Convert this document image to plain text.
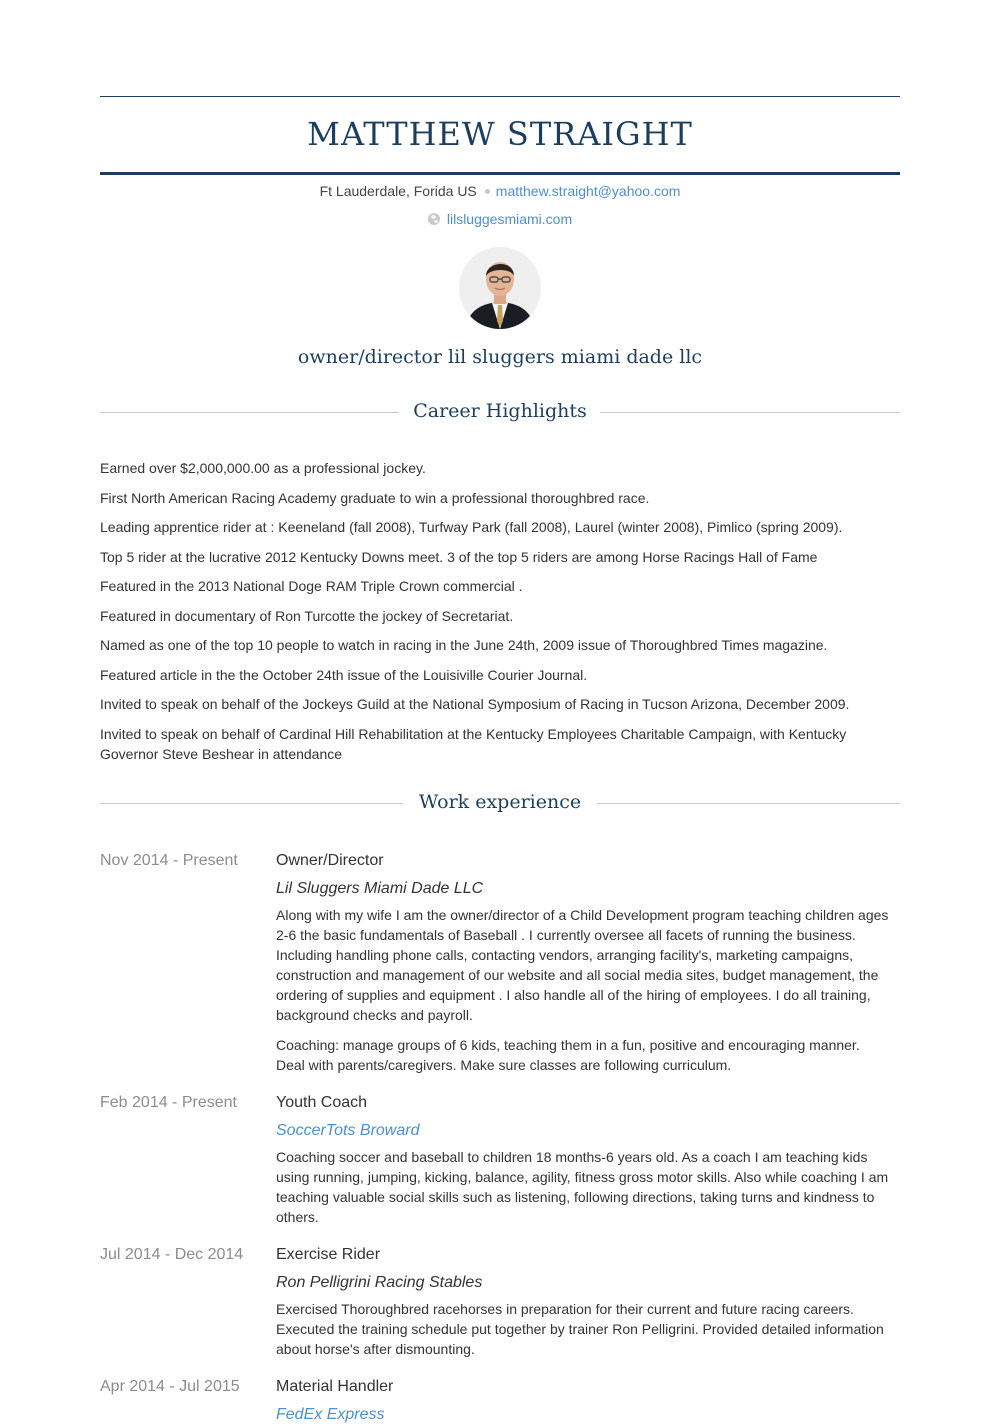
MATTHEW STRAIGHT
Ft Lauderdale, Forida US matthew.straight@yahoo.com
lilsluggesmiami.com
owner/director lil sluggers miami dade llc
Career Highlights
Earned over $2,000,000.00 as a professional jockey.
First North American Racing Academy graduate to win a professional thoroughbred race.
Leading apprentice rider at : Keeneland (fall 2008), Turfway Park (fall 2008), Laurel (winter 2008), Pimlico (spring 2009).
Top 5 rider at the lucrative 2012 Kentucky Downs meet. 3 of the top 5 riders are among Horse Racings Hall of Fame
Featured in the 2013 National Doge RAM Triple Crown commercial .
Featured in documentary of Ron Turcotte the jockey of Secretariat.
Named as one of the top 10 people to watch in racing in the June 24th, 2009 issue of Thoroughbred Times magazine.
Featured article in the the October 24th issue of the Louisiville Courier Journal.
Invited to speak on behalf of the Jockeys Guild at the National Symposium of Racing in Tucson Arizona, December 2009.
Invited to speak on behalf of Cardinal Hill Rehabilitation at the Kentucky Employees Charitable Campaign, with Kentucky Governor Steve Beshear in attendance
Work experience
Nov 2014 - Present	Owner/Director
Lil Sluggers Miami Dade LLC

Along with my wife I am the owner/director of a Child Development program teaching children ages 2-6 the basic fundamentals of Baseball . I currently oversee all facets of running the business. Including handling phone calls, contacting vendors, arranging facility's, marketing campaigns, construction and management of our website and all social media sites, budget management, the ordering of supplies and equipment . I also handle all of the hiring of employees. I do all training, background checks and payroll.

Coaching: manage groups of 6 kids, teaching them in a fun, positive and encouraging manner. Deal with parents/caregivers. Make sure classes are following curriculum.

Feb 2014 - Present	Youth Coach
SoccerTots Broward

Coaching soccer and baseball to children 18 months-6 years old. As a coach I am teaching kids using running, jumping, kicking, balance, agility, fitness gross motor skills. Also while coaching I am teaching valuable social skills such as listening, following directions, taking turns and kindness to others.

Jul 2014 - Dec 2014	Exercise Rider
Ron Pelligrini Racing Stables

Exercised Thoroughbred racehorses in preparation for their current and future racing careers. Executed the training schedule put together by trainer Ron Pelligrini. Provided detailed information about horse's after dismounting.

Apr 2014 - Jul 2015	Material Handler
FedEx Express
